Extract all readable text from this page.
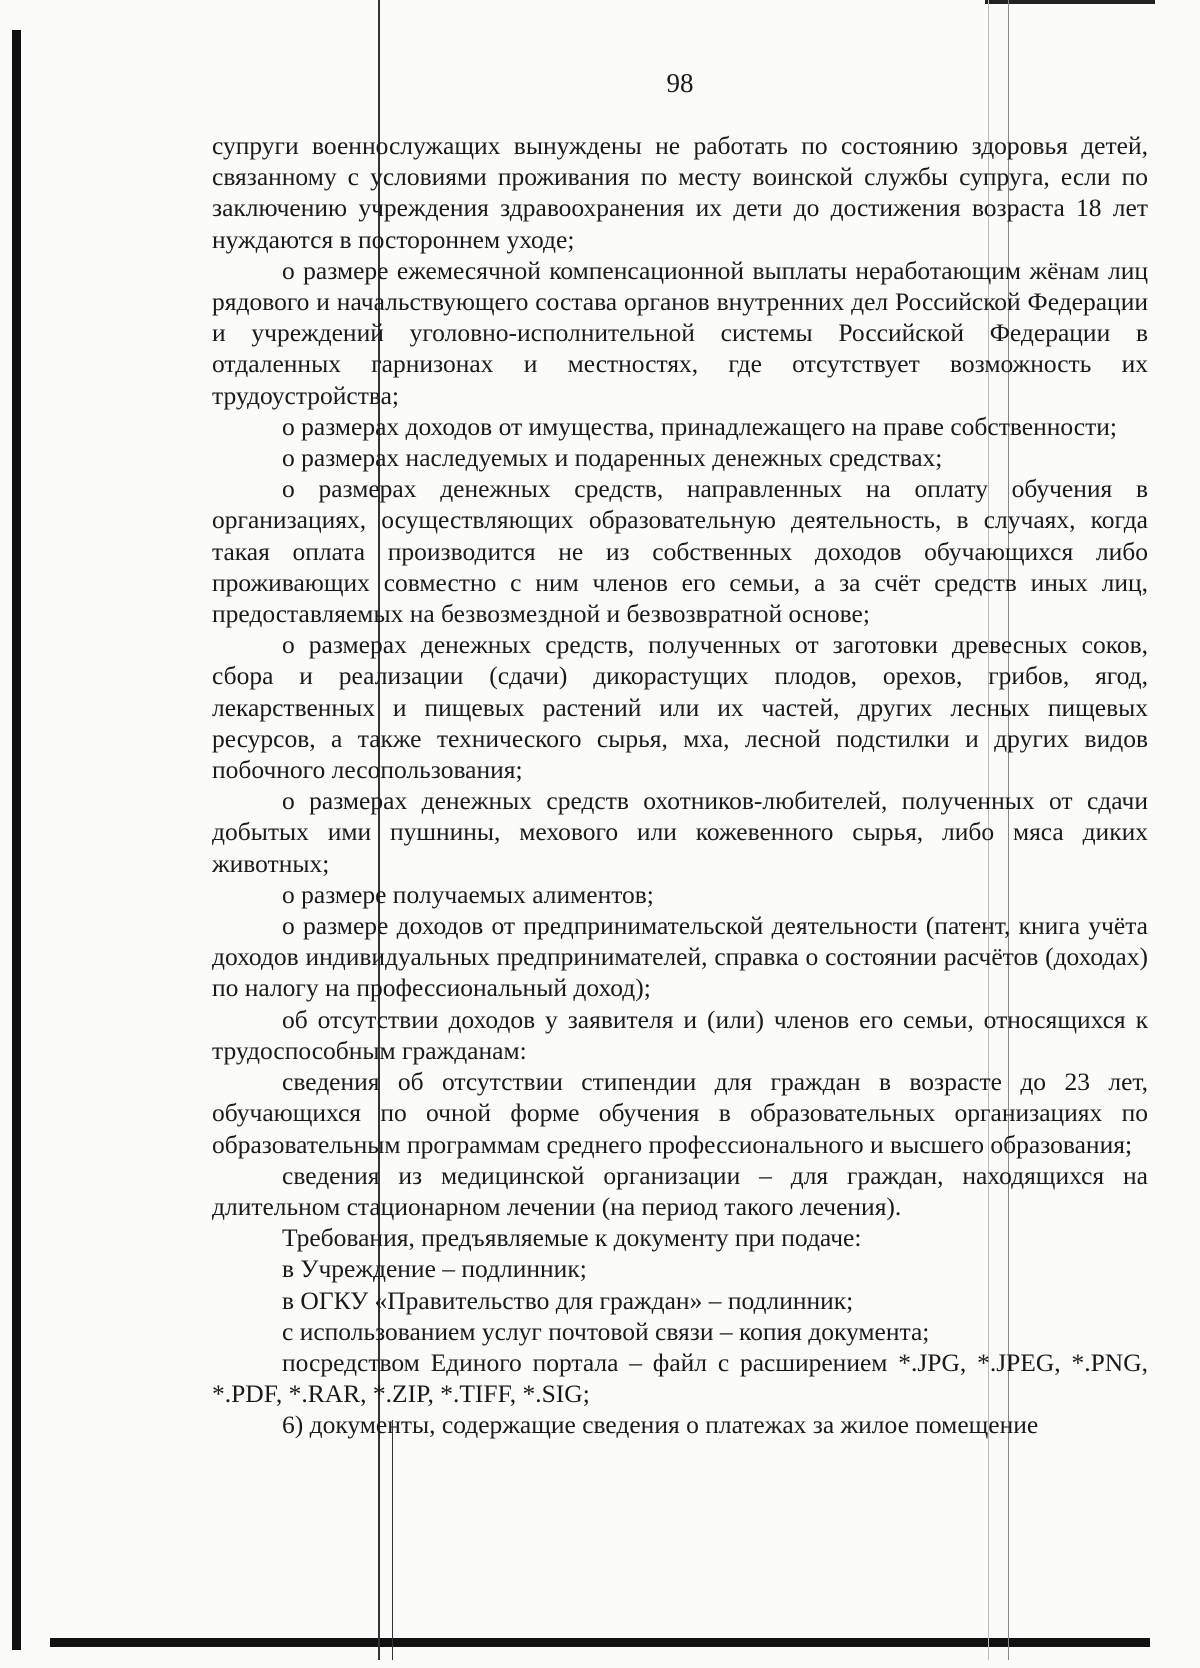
98

супруги военнослужащих вынуждены не работать по состоянию здоровья детей, связанному с условиями проживания по месту воинской службы супруга, если по заключению учреждения здравоохранения их дети до достижения возраста 18 лет нуждаются в постороннем уходе;

о размере ежемесячной компенсационной выплаты неработающим жёнам лиц рядового и начальствующего состава органов внутренних дел Российской Федерации и учреждений уголовно-исполнительной системы Российской Федерации в отдаленных гарнизонах и местностях, где отсутствует возможность их трудоустройства;

о размерах доходов от имущества, принадлежащего на праве собственности;

о размерах наследуемых и подаренных денежных средствах;

о размерах денежных средств, направленных на оплату обучения в организациях, осуществляющих образовательную деятельность, в случаях, когда такая оплата производится не из собственных доходов обучающихся либо проживающих совместно с ним членов его семьи, а за счёт средств иных лиц, предоставляемых на безвозмездной и безвозвратной основе;

о размерах денежных средств, полученных от заготовки древесных соков, сбора и реализации (сдачи) дикорастущих плодов, орехов, грибов, ягод, лекарственных и пищевых растений или их частей, других лесных пищевых ресурсов, а также технического сырья, мха, лесной подстилки и других видов побочного лесопользования;

о размерах денежных средств охотников-любителей, полученных от сдачи добытых ими пушнины, мехового или кожевенного сырья, либо мяса диких животных;

о размере получаемых алиментов;

о размере доходов от предпринимательской деятельности (патент, книга учёта доходов индивидуальных предпринимателей, справка о состоянии расчётов (доходах) по налогу на профессиональный доход);

об отсутствии доходов у заявителя и (или) членов его семьи, относящихся к трудоспособным гражданам:

сведения об отсутствии стипендии для граждан в возрасте до 23 лет, обучающихся по очной форме обучения в образовательных организациях по образовательным программам среднего профессионального и высшего образования;

сведения из медицинской организации – для граждан, находящихся на длительном стационарном лечении (на период такого лечения).

Требования, предъявляемые к документу при подаче:

в Учреждение – подлинник;

в ОГКУ «Правительство для граждан» – подлинник;

с использованием услуг почтовой связи – копия документа;

посредством Единого портала – файл с расширением *.JPG, *.JPEG, *.PNG, *.PDF, *.RAR, *.ZIP, *.TIFF, *.SIG;

6) документы, содержащие сведения о платежах за жилое помещение
